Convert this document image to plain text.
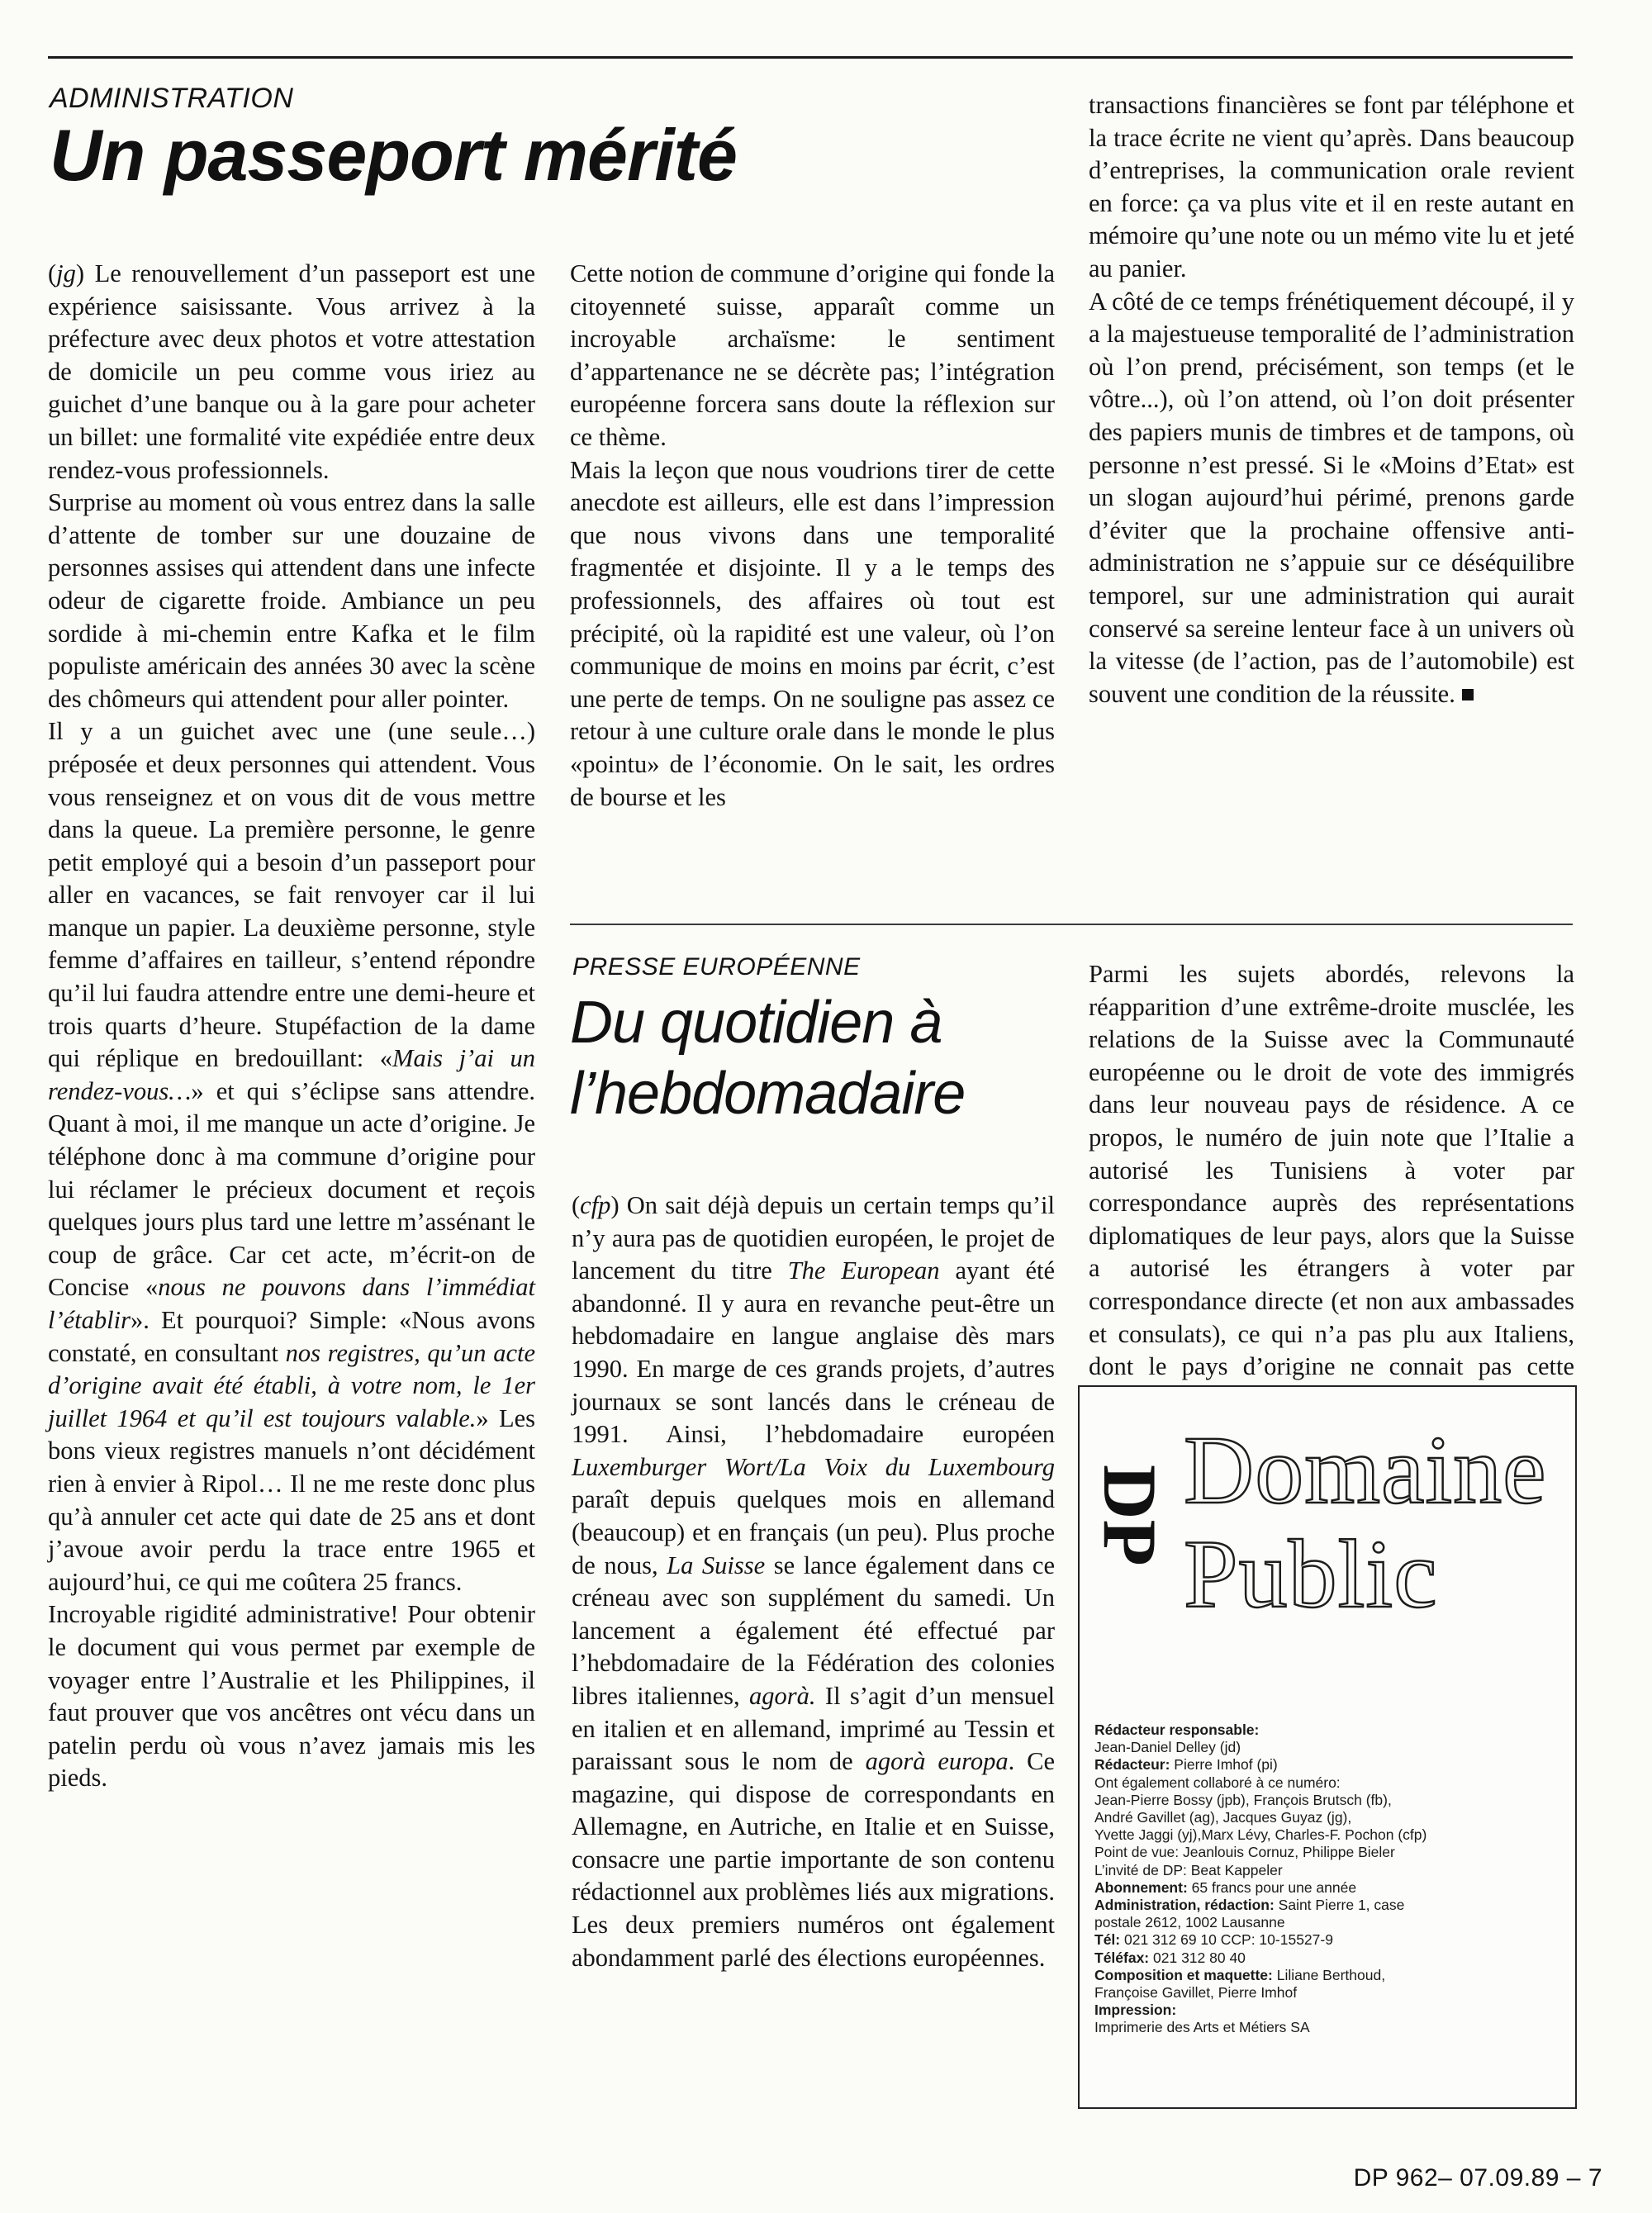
ADMINISTRATION
Un passeport mérité

(jg) Le renouvellement d’un passeport est une expérience saisissante. Vous arrivez à la préfecture avec deux photos et votre attestation de domicile un peu comme vous iriez au guichet d’une banque ou à la gare pour acheter un billet: une formalité vite expédiée entre deux rendez-vous professionnels.

Surprise au moment où vous entrez dans la salle d’attente de tomber sur une douzaine de personnes assises qui attendent dans une infecte odeur de cigarette froide. Ambiance un peu sordide à mi-chemin entre Kafka et le film populiste américain des années 30 avec la scène des chômeurs qui attendent pour aller pointer.

Il y a un guichet avec une (une seule…) préposée et deux personnes qui attendent. Vous vous renseignez et on vous dit de vous mettre dans la queue. La première personne, le genre petit employé qui a besoin d’un passeport pour aller en vacances, se fait renvoyer car il lui manque un papier. La deuxième personne, style femme d’affaires en tailleur, s’entend répondre qu’il lui faudra attendre entre une demi-heure et trois quarts d’heure. Stupéfaction de la dame qui réplique en bredouillant: «Mais j’ai un rendez-vous…» et qui s’éclipse sans attendre. Quant à moi, il me manque un acte d’origine. Je téléphone donc à ma commune d’origine pour lui réclamer le précieux document et reçois quelques jours plus tard une lettre m’assénant le coup de grâce. Car cet acte, m’écrit-on de Concise «nous ne pouvons dans l’immédiat l’établir». Et pourquoi? Simple: «Nous avons constaté, en consultant nos registres, qu’un acte d’origine avait été établi, à votre nom, le 1er juillet 1964 et qu’il est toujours valable.» Les bons vieux registres manuels n’ont décidément rien à envier à Ripol… Il ne me reste donc plus qu’à annuler cet acte qui date de 25 ans et dont j’avoue avoir perdu la trace entre 1965 et aujourd’hui, ce qui me coûtera 25 francs.

Incroyable rigidité administrative! Pour obtenir le document qui vous permet par exemple de voyager entre l’Australie et les Philippines, il faut prouver que vos ancêtres ont vécu dans un patelin perdu où vous n’avez jamais mis les pieds.

Cette notion de commune d’origine qui fonde la citoyenneté suisse, apparaît comme un incroyable archaïsme: le sentiment d’appartenance ne se décrète pas; l’intégration européenne forcera sans doute la réflexion sur ce thème.

Mais la leçon que nous voudrions tirer de cette anecdote est ailleurs, elle est dans l’impression que nous vivons dans une temporalité fragmentée et disjointe. Il y a le temps des professionnels, des affaires où tout est précipité, où la rapidité est une valeur, où l’on communique de moins en moins par écrit, c’est une perte de temps. On ne souligne pas assez ce retour à une culture orale dans le monde le plus «pointu» de l’économie. On le sait, les ordres de bourse et les

transactions financières se font par téléphone et la trace écrite ne vient qu’après. Dans beaucoup d’entreprises, la communication orale revient en force: ça va plus vite et il en reste autant en mémoire qu’une note ou un mémo vite lu et jeté au panier.

A côté de ce temps frénétiquement découpé, il y a la majestueuse temporalité de l’administration où l’on prend, précisément, son temps (et le vôtre...), où l’on attend, où l’on doit présenter des papiers munis de timbres et de tampons, où personne n’est pressé. Si le «Moins d’Etat» est un slogan aujourd’hui périmé, prenons garde d’éviter que la prochaine offensive anti-administration ne s’appuie sur ce déséquilibre temporel, sur une administration qui aurait conservé sa sereine lenteur face à un univers où la vitesse (de l’action, pas de l’automobile) est souvent une condition de la réussite.

PRESSE EUROPÉENNE
Du quotidien à
l’hebdomadaire

(cfp) On sait déjà depuis un certain temps qu’il n’y aura pas de quotidien européen, le projet de lancement du titre The European ayant été abandonné. Il y aura en revanche peut-être un hebdomadaire en langue anglaise dès mars 1990. En marge de ces grands projets, d’autres journaux se sont lancés dans le créneau de 1991. Ainsi, l’hebdomadaire européen Luxemburger Wort/La Voix du Luxembourg paraît depuis quelques mois en allemand (beaucoup) et en français (un peu). Plus proche de nous, La Suisse se lance également dans ce créneau avec son supplément du samedi. Un lancement a également été effectué par l’hebdomadaire de la Fédération des colonies libres italiennes, agorà. Il s’agit d’un mensuel en italien et en allemand, imprimé au Tessin et paraissant sous le nom de agorà europa. Ce magazine, qui dispose de correspondants en Allemagne, en Autriche, en Italie et en Suisse, consacre une partie importante de son contenu rédactionnel aux problèmes liés aux migrations. Les deux premiers numéros ont également abondamment parlé des élections européennes.

Parmi les sujets abordés, relevons la réapparition d’une extrême-droite musclée, les relations de la Suisse avec la Communauté européenne ou le droit de vote des immigrés dans leur nouveau pays de résidence. A ce propos, le numéro de juin note que l’Italie a autorisé les Tunisiens à voter par correspondance auprès des représentations diplomatiques de leur pays, alors que la Suisse a autorisé les étrangers à voter par correspondance directe (et non aux ambassades et consulats), ce qui n’a pas plu aux Italiens, dont le pays d’origine ne connait pas cette

DP Domaine
Public
Rédacteur responsable:
Jean-Daniel Delley (jd)
Rédacteur: Pierre Imhof (pi)
Ont également collaboré à ce numéro:
Jean-Pierre Bossy (jpb), François Brutsch (fb),
André Gavillet (ag), Jacques Guyaz (jg),
Yvette Jaggi (yj),Marx Lévy, Charles-F. Pochon (cfp)
Point de vue: Jeanlouis Cornuz, Philippe Bieler
L’invité de DP: Beat Kappeler
Abonnement: 65 francs pour une année
Administration, rédaction: Saint Pierre 1, case
postale 2612, 1002 Lausanne
Tél: 021 312 69 10 CCP: 10-15527-9
Téléfax: 021 312 80 40
Composition et maquette: Liliane Berthoud,
Françoise Gavillet, Pierre Imhof
Impression:
Imprimerie des Arts et Métiers SA
DP 962– 07.09.89 – 7
